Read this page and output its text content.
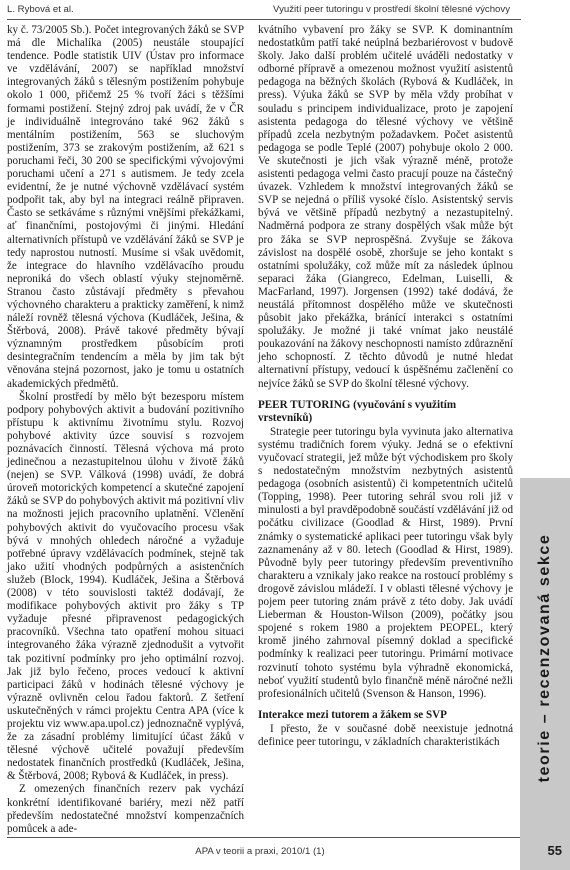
L. Rybová et al.	Využití peer tutoringu v prostředí školní tělesné výchovy

ky č. 73/2005 Sb.). Počet integrovaných žáků se SVP má dle Michalíka (2005) neustále stoupající tendence. Podle statistik UIV (Ústav pro informace ve vzdělávání, 2007) se například množství integrovaných žáků s tělesným postižením pohybuje okolo 1 000, přičemž 25 % tvoří žáci s těžšími formami postižení. Stejný zdroj pak uvádí, že v ČR je individuálně integrováno také 962 žáků s mentálním postižením, 563 se sluchovým postižením, 373 se zrakovým postižením, až 621 s poruchami řeči, 30 200 se specifickými vývojovými poruchami učení a 271 s autismem. Je tedy zcela evidentní, že je nutné výchovně vzdělávací systém podpořit tak, aby byl na integraci reálně připraven. Často se setkáváme s různými vnějšími překážkami, ať finančními, postojovými či jinými. Hledání alternativních přístupů ve vzdělávání žáků se SVP je tedy naprostou nutností. Musíme si však uvědomit, že integrace do hlavního vzdělávacího proudu neproniká do všech oblastí výuky stejnoměrně. Stranou často zůstávají předměty s převahou výchovného charakteru a prakticky zaměření, k nimž náleží rovněž tělesná výchova (Kudláček, Ješina, & Štěrbová, 2008). Právě takové předměty bývají významným prostředkem působícím proti desintegračním tendencím a měla by jim tak být věnována stejná pozornost, jako je tomu u ostatních akademických předmětů.

Školní prostředí by mělo být bezesporu místem podpory pohybových aktivit a budování pozitivního přístupu k aktivnímu životnímu stylu. Rozvoj pohybové aktivity úzce souvisí s rozvojem poznávacích činností. Tělesná výchova má proto jedinečnou a nezastupitelnou úlohu v životě žáků (nejen) se SVP. Válková (1998) uvádí, že dobrá úroveň motorických kompetencí a skutečné zapojení žáků se SVP do pohybových aktivit má pozitivní vliv na možnosti jejich pracovního uplatnění. Včlenění pohybových aktivit do vyučovacího procesu však bývá v mnohých ohledech náročné a vyžaduje potřebné úpravy vzdělávacích podmínek, stejně tak jako užití vhodných podpůrných a asistenčních služeb (Block, 1994). Kudláček, Ješina a Štěrbová (2008) v této souvislosti taktéž dodávají, že modifikace pohybových aktivit pro žáky s TP vyžaduje přesné připravenost pedagogických pracovníků. Všechna tato opatření mohou situaci integrovaného žáka výrazně zjednodušit a vytvořit tak pozitivní podmínky pro jeho optimální rozvoj. Jak již bylo řečeno, proces vedoucí k aktivní participaci žáků v hodinách tělesné výchovy je výrazně ovlivněn celou řadou faktorů. Z šetření uskutečněných v rámci projektu Centra APA (více k projektu viz www.apa.upol.cz) jednoznačně vyplývá, že za zásadní problémy limitující účast žáků v tělesné výchově učitelé považují především nedostatek finančních prostředků (Kudláček, Ješina, & Štěrbová, 2008; Rybová & Kudláček, in press).

Z omezených finančních rezerv pak vychází konkrétní identifikované bariéry, mezi něž patří především nedostatečné množství kompenzačních pomůcek a ade-

kvátního vybavení pro žáky se SVP. K dominantním nedostatkům patří také neúplná bezbariérovost v budově školy. Jako další problém učitelé uváděli nedostatky v odborné přípravě a omezenou možnost využití asistentů pedagoga na běžných školách (Rybová & Kudláček, in press). Výuka žáků se SVP by měla vždy probíhat v souladu s principem individualizace, proto je zapojení asistenta pedagoga do tělesné výchovy ve většině případů zcela nezbytným požadavkem. Počet asistentů pedagoga se podle Teplé (2007) pohybuje okolo 2 000. Ve skutečnosti je jich však výrazně méně, protože asistenti pedagoga velmi často pracují pouze na částečný úvazek. Vzhledem k množství integrovaných žáků se SVP se nejedná o příliš vysoké číslo. Asistentský servis bývá ve většině případů nezbytný a nezastupitelný. Nadměrná podpora ze strany dospělých však může být pro žáka se SVP neprospěšná. Zvyšuje se žákova závislost na dospělé osobě, zhoršuje se jeho kontakt s ostatními spolužáky, což může mít za následek úplnou separaci žáka (Giangreco, Edelman, Luiselli, & MacFarland, 1997). Jorgensen (1992) také dodává, že neustálá přítomnost dospělého může ve skutečnosti působit jako překážka, bránící interakci s ostatními spolužáky. Je možné ji také vnímat jako neustálé poukazování na žákovy neschopnosti namísto zdůraznění jeho schopností. Z těchto důvodů je nutné hledat alternativní přístupy, vedoucí k úspěšnému začlenění co nejvíce žáků se SVP do školní tělesné výchovy.

PEER TUTORING (vyučování s využitím vrstevníků)

Strategie peer tutoringu byla vyvinuta jako alternativa systému tradičních forem výuky. Jedná se o efektivní vyučovací strategii, jež může být východiskem pro školy s nedostatečným množstvím nezbytných asistentů pedagoga (osobních asistentů) či kompetentních učitelů (Topping, 1998). Peer tutoring sehrál svou roli již v minulosti a byl pravděpodobně součástí vzdělávání již od počátku civilizace (Goodlad & Hirst, 1989). První známky o systematické aplikaci peer tutoringu však byly zaznamenány až v 80. letech (Goodlad & Hirst, 1989). Původně byly peer tutoringy především preventivního charakteru a vznikaly jako reakce na rostoucí problémy s drogově závislou mládeží. I v oblasti tělesné výchovy je pojem peer tutoring znám právě z této doby. Jak uvádí Lieberman & Houston-Wilson (2009), počátky jsou spojené s rokem 1980 a projektem PEOPEL, který kromě jiného zahrnoval písemný doklad a specifické podmínky k realizaci peer tutoringu. Primární motivace rozvinutí tohoto systému byla výhradně ekonomická, neboť využití studentů bylo finančně méně náročné nežli profesionálních učitelů (Svenson & Hanson, 1996).

Interakce mezi tutorem a žákem se SVP

I přesto, že v současné době neexistuje jednotná definice peer tutoringu, v základních charakteristikách	teorie – recenzovaná sekce
55
APA v teorii a praxi, 2010/1 (1)
